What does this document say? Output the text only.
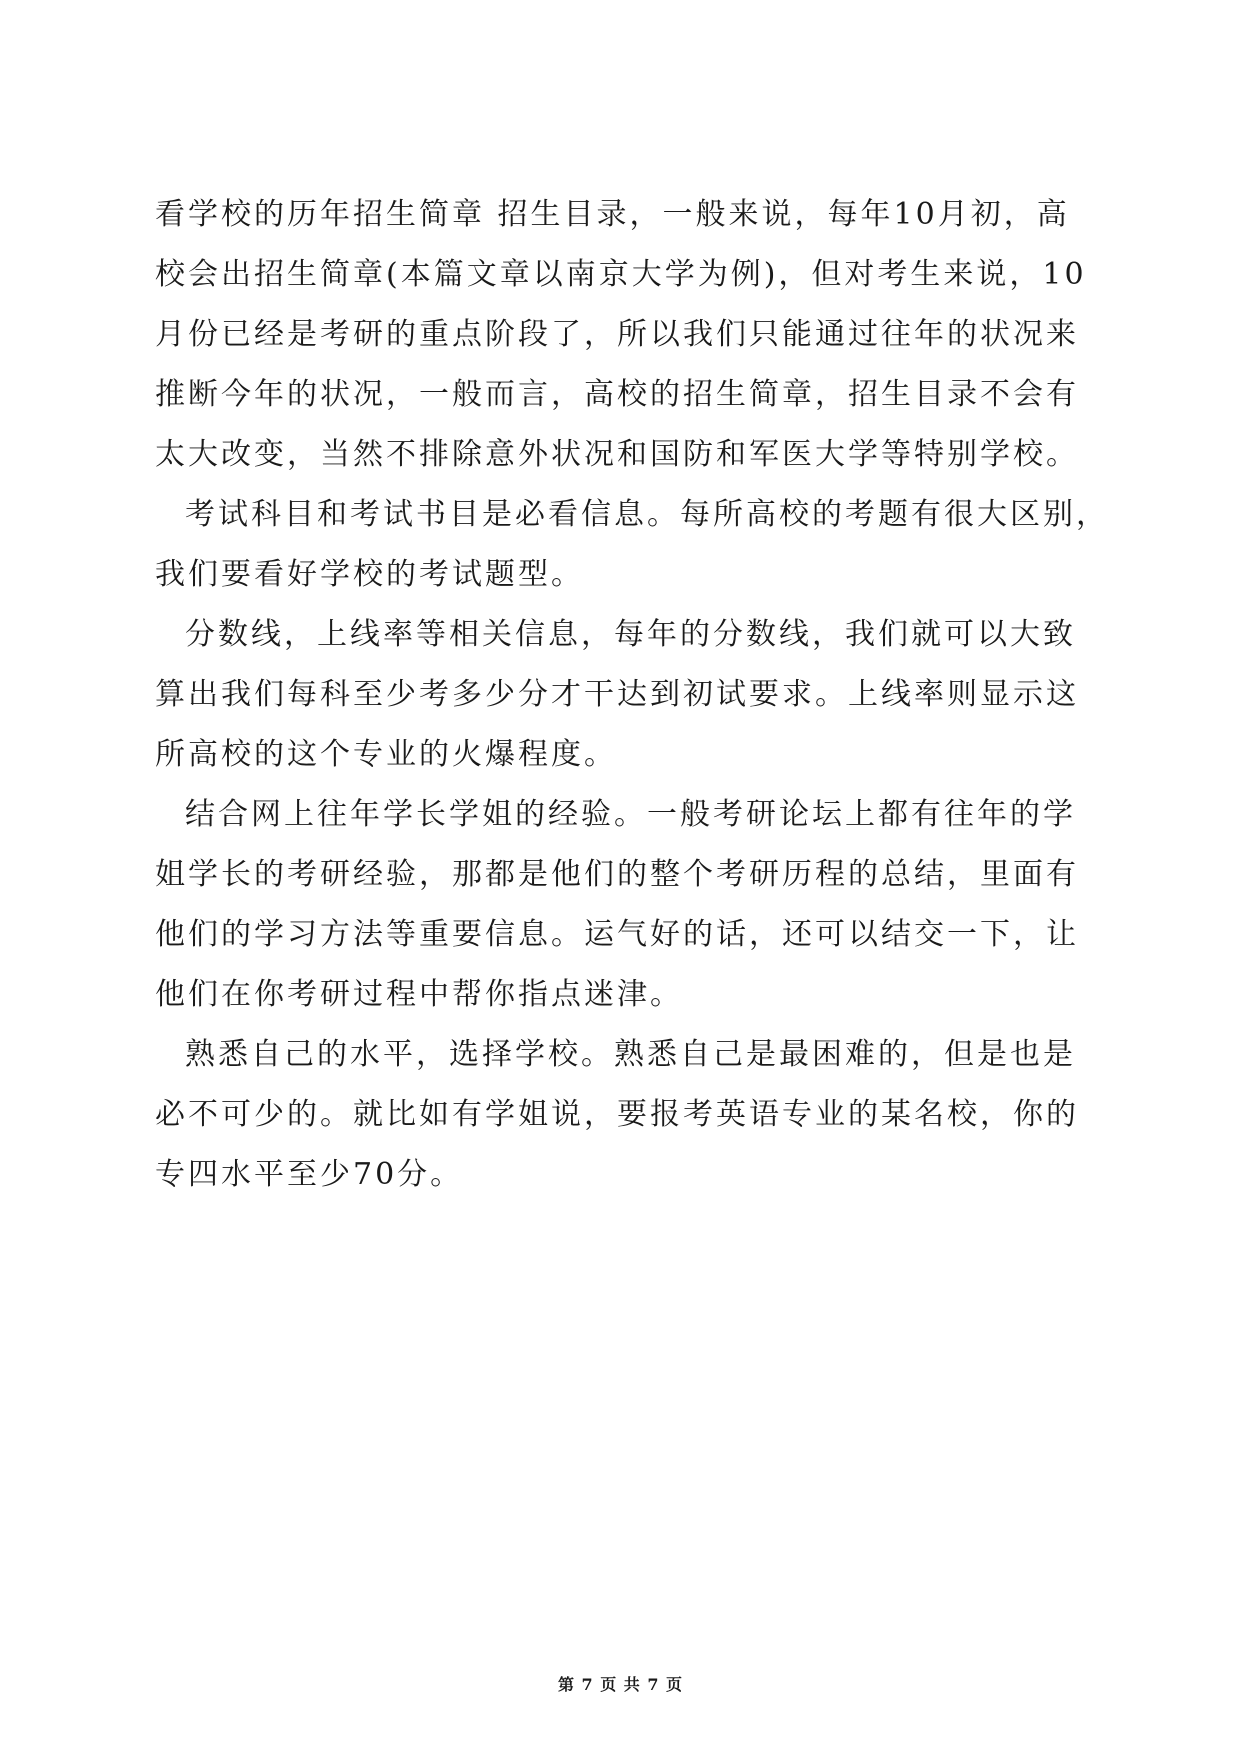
看学校的历年招生简章 招生目录，一般来说，每年10月初，高
校会出招生简章(本篇文章以南京大学为例)，但对考生来说，10
月份已经是考研的重点阶段了，所以我们只能通过往年的状况来
推断今年的状况，一般而言，高校的招生简章，招生目录不会有
太大改变，当然不排除意外状况和国防和军医大学等特别学校。
考试科目和考试书目是必看信息。每所高校的考题有很大区别，
我们要看好学校的考试题型。
分数线，上线率等相关信息，每年的分数线，我们就可以大致
算出我们每科至少考多少分才干达到初试要求。上线率则显示这
所高校的这个专业的火爆程度。
结合网上往年学长学姐的经验。一般考研论坛上都有往年的学
姐学长的考研经验，那都是他们的整个考研历程的总结，里面有
他们的学习方法等重要信息。运气好的话，还可以结交一下，让
他们在你考研过程中帮你指点迷津。
熟悉自己的水平，选择学校。熟悉自己是最困难的，但是也是
必不可少的。就比如有学姐说，要报考英语专业的某名校，你的
专四水平至少70分。
第 7 页 共 7 页
